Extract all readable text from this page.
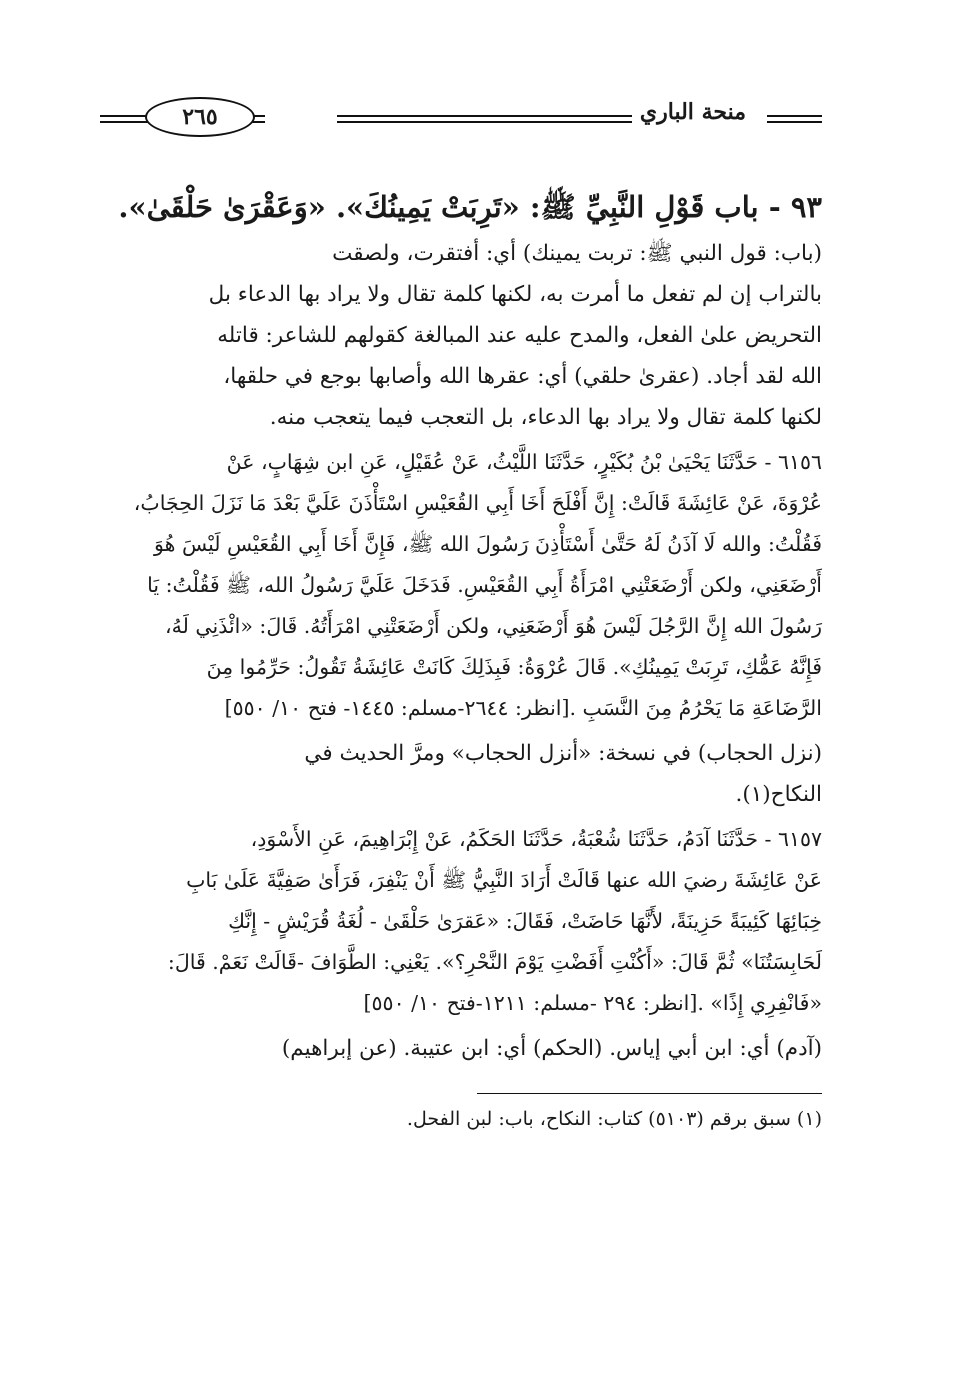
منحة الباري
٢٦٥
٩٣ - باب قَوْلِ النَّبِيِّ ﷺ: «تَرِبَتْ يَمِينُكَ». «وَعَقْرَىٰ حَلْقَىٰ».

(باب: قول النبي ﷺ: تربت يمينك) أي: أفتقرت، ولصقت

بالتراب إن لم تفعل ما أمرت به، لكنها كلمة تقال ولا يراد بها الدعاء بل

التحريض علىٰ الفعل، والمدح عليه عند المبالغة كقولهم للشاعر: قاتله

الله لقد أجاد. (عقرىٰ حلقي) أي: عقرها الله وأصابها بوجع في حلقها،

لكنها كلمة تقال ولا يراد بها الدعاء، بل التعجب فيما يتعجب منه.

٦١٥٦ - حَدَّثَنَا يَحْيَىٰ بْنُ بُكَيْرٍ، حَدَّثَنَا اللَّيْثُ، عَنْ عُقَيْلٍ، عَنِ ابن شِهَابٍ، عَنْ

عُرْوَةَ، عَنْ عَائِشَةَ قَالَتْ: إِنَّ أَفْلَحَ أَخَا أَبِي القُعَيْسِ اسْتَأْذَنَ عَلَيَّ بَعْدَ مَا نَزَلَ الحِجَابُ،

فَقُلْتُ: والله لَا آذَنُ لَهُ حَتَّىٰ أَسْتَأْذِنَ رَسُولَ الله ﷺ، فَإِنَّ أَخَا أَبِي القُعَيْسِ لَيْسَ هُوَ

أَرْضَعَنِي، ولكن أَرْضَعَتْنِي امْرَأَةُ أَبِي القُعَيْسِ. فَدَخَلَ عَلَيَّ رَسُولُ الله، ﷺ فَقُلْتُ: يَا

رَسُولَ الله إِنَّ الرَّجُلَ لَيْسَ هُوَ أَرْضَعَنِي، ولكن أَرْضَعَتْنِي امْرَأَتُهُ. قَالَ: «ائْذَنِي لَهُ،

فَإِنَّهُ عَمُّكِ، تَرِبَتْ يَمِينُكِ». قَالَ عُرْوَةُ: فَبِذَلِكَ كَانَتْ عَائِشَةُ تَقُولُ: حَرِّمُوا مِنَ

الرَّضَاعَةِ مَا يَحْرُمُ مِنَ النَّسَبِ .[انظر: ٢٦٤٤-مسلم: ١٤٤٥- فتح ١٠/ ٥٥٠]

(نزل الحجاب) في نسخة: «أنزل الحجاب» ومرَّ الحديث في

النكاح(١).

٦١٥٧ - حَدَّثَنَا آدَمُ، حَدَّثَنَا شُعْبَةُ، حَدَّثَنَا الحَكَمُ، عَنْ إِبْرَاهِيمَ، عَنِ الأَسْوَدِ،

عَنْ عَائِشَةَ رضيَ الله عنها قَالَتْ أَرَادَ النَّبِيُّ ﷺ أَنْ يَنْفِرَ، فَرَأَىٰ صَفِيَّةَ عَلَىٰ بَابِ

خِبَائِهَا كَئِيبَةً حَزِينَةً، لأَنَّهَا حَاضَتْ، فَقَالَ: «عَقرَىٰ حَلْقَىٰ - لُغَةُ قُرَيْشٍ - إِنَّكِ

لَحَابِسَتُنَا» ثُمَّ قَالَ: «أَكُنْتِ أَفَضْتِ يَوْمَ النَّحْرِ؟». يَعْنِي: الطَّوَافَ -قَالَتْ نَعَمْ. قَالَ:

«فَانْفِرِي إِذًا» .[انظر: ٢٩٤ -مسلم: ١٢١١-فتح ١٠/ ٥٥٠]

(آدم) أي: ابن أبي إياس. (الحكم) أي: ابن عتيبة. (عن إبراهيم)

(١) سبق برقم (٥١٠٣) كتاب: النكاح، باب: لبن الفحل.
